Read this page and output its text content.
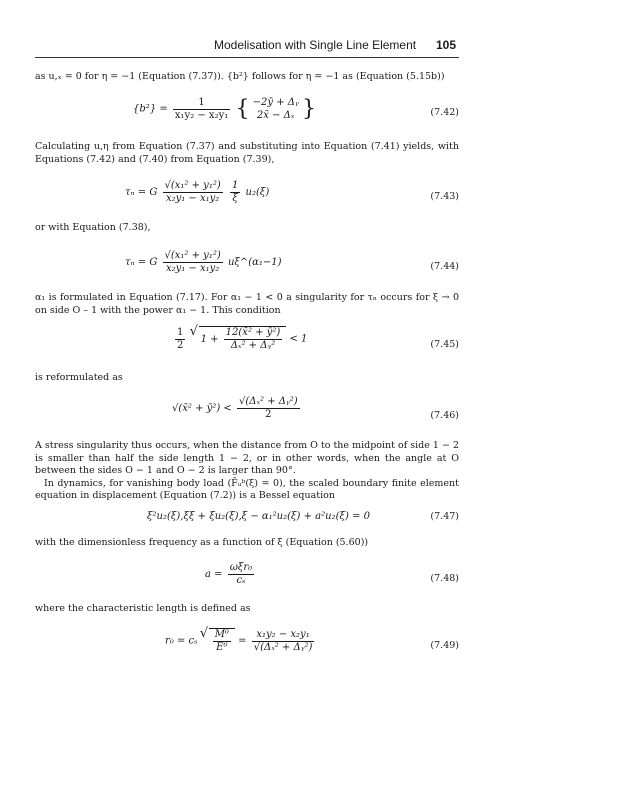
Modelisation with Single Line Element 105

as u,ₓ = 0 for η = −1 (Equation (7.37)). {b²} follows for η = −1 as (Equation (5.15b))

$\{b^2\} = \frac{1}{\text{x₁y₂ − x₂y₁}}$ { −2ȳ + Δᵧ
2x̄ − Δₓ }	(7.42)

Calculating u,η from Equation (7.37) and substituting into Equation (7.41) yields, with Equations (7.42) and (7.40) from Equation (7.39),

τₙ = G $\frac{\text{√(x₁² + y₁²)}}{\text{x₂y₁ − x₁y₂}}$
$\frac{1}{\xi} u_2(\xi)$	(7.43)

or with Equation (7.38),

τₙ = G $\frac{\text{√(x₁² + y₁²)}}{\text{x₂y₁ − x₁y₂}}$ uξ^(α₁−1)	(7.44)

α₁ is formulated in Equation (7.17). For α₁ − 1 < 0 a singularity for τₙ occurs for ξ → 0 on side O – 1 with the power α₁ − 1. This condition

$\frac{1}{2}$ √ $1 + \frac{\text{12(x̄² + ȳ²)}}{\text{Δₓ² + Δᵧ²}} < 1$	(7.45)

is reformulated as

√(x̄² + ȳ²) < $\frac{\text{√(Δₓ² + Δᵧ²)}}{2}$	(7.46)

A stress singularity thus occurs, when the distance from O to the midpoint of side 1 − 2 is smaller than half the side length 1 − 2, or in other words, when the angle at O between the sides O − 1 and O − 2 is larger than 90°.

In dynamics, for vanishing body load (F̄ᵤᵇ(ξ) = 0), the scaled boundary finite element equation in displacement (Equation (7.2)) is a Bessel equation

ξ²u₂(ξ),ξξ + ξu₂(ξ),ξ − α₁²u₂(ξ) + a²u₂(ξ) = 0	(7.47)

with the dimensionless frequency as a function of ξ (Equation (5.60))

$a = \frac{\text{ωξr₀}}{\text{cₛ}}$	(7.48)

where the characteristic length is defined as

r₀ = cₛ √ $\frac{\text{M⁰}}{\text{E⁰}} = \frac{\text{x₁y₂ − x₂y₁}}{\text{√(Δₓ² + Δᵧ²)}}$	(7.49)
